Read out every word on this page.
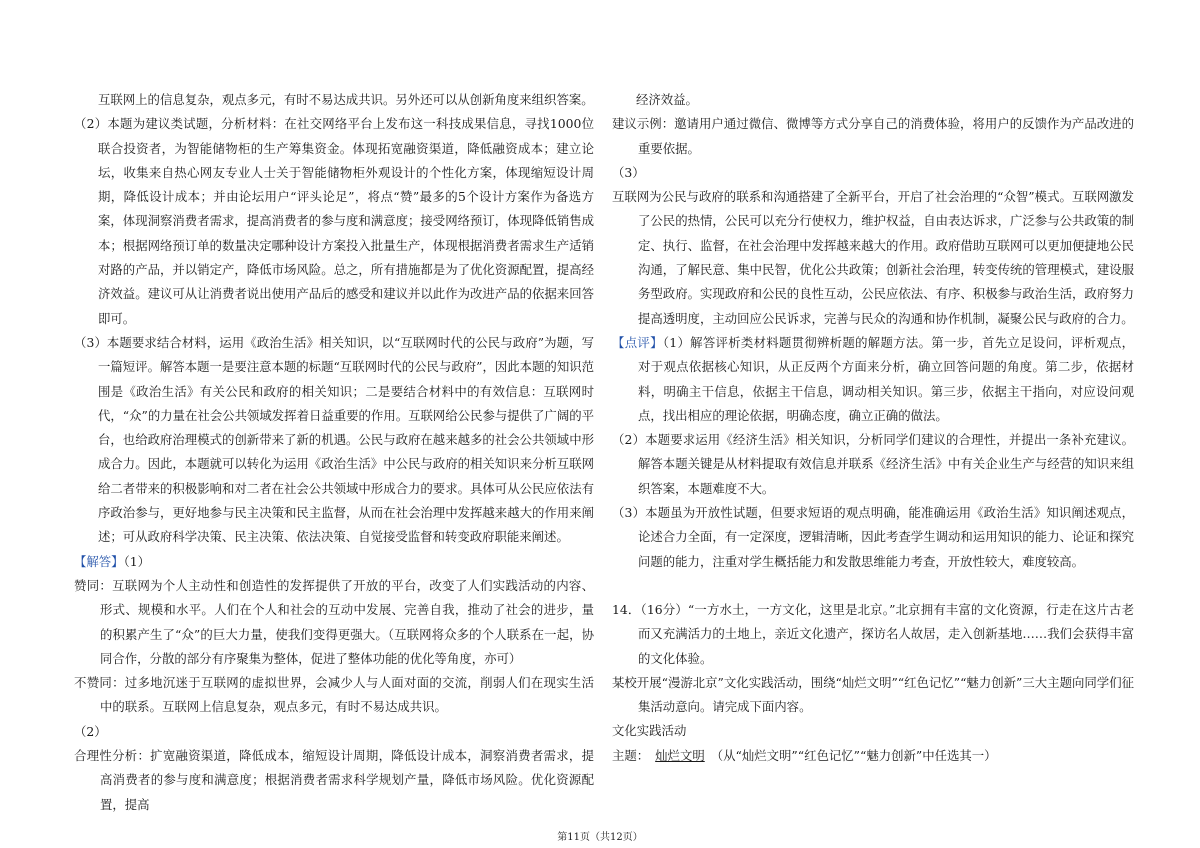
互联网上的信息复杂，观点多元，有时不易达成共识。另外还可以从创新角度来组织答案。

（2）本题为建议类试题，分析材料：在社交网络平台上发布这一科技成果信息，寻找1000位联合投资者，为智能储物柜的生产筹集资金。体现拓宽融资渠道，降低融资成本；建立论坛，收集来自热心网友专业人士关于智能储物柜外观设计的个性化方案，体现缩短设计周期，降低设计成本；并由论坛用户“评头论足”，将点“赞”最多的5个设计方案作为备选方案，体现洞察消费者需求，提高消费者的参与度和满意度；接受网络预订，体现降低销售成本；根据网络预订单的数量决定哪种设计方案投入批量生产，体现根据消费者需求生产适销对路的产品，并以销定产，降低市场风险。总之，所有措施都是为了优化资源配置，提高经济效益。建议可从让消费者说出使用产品后的感受和建议并以此作为改进产品的依据来回答即可。

（3）本题要求结合材料，运用《政治生活》相关知识，以“互联网时代的公民与政府”为题，写一篇短评。解答本题一是要注意本题的标题“互联网时代的公民与政府”，因此本题的知识范围是《政治生活》有关公民和政府的相关知识；二是要结合材料中的有效信息：互联网时代，“众”的力量在社会公共领域发挥着日益重要的作用。互联网给公民参与提供了广阔的平台，也给政府治理模式的创新带来了新的机遇。公民与政府在越来越多的社会公共领域中形成合力。因此，本题就可以转化为运用《政治生活》中公民与政府的相关知识来分析互联网给二者带来的积极影响和对二者在社会公共领域中形成合力的要求。具体可从公民应依法有序政治参与，更好地参与民主决策和民主监督，从而在社会治理中发挥越来越大的作用来阐述；可从政府科学决策、民主决策、依法决策、自觉接受监督和转变政府职能来阐述。

【解答】（1）

赞同：互联网为个人主动性和创造性的发挥提供了开放的平台，改变了人们实践活动的内容、形式、规模和水平。人们在个人和社会的互动中发展、完善自我，推动了社会的进步，量的积累产生了“众”的巨大力量，使我们变得更强大。（互联网将众多的个人联系在一起，协同合作，分散的部分有序聚集为整体，促进了整体功能的优化等角度，亦可）

不赞同：过多地沉迷于互联网的虚拟世界，会减少人与人面对面的交流，削弱人们在现实生活中的联系。互联网上信息复杂，观点多元，有时不易达成共识。

（2）

合理性分析：扩宽融资渠道，降低成本，缩短设计周期，降低设计成本，洞察消费者需求，提高消费者的参与度和满意度；根据消费者需求科学规划产量，降低市场风险。优化资源配置，提高

经济效益。

建议示例：邀请用户通过微信、微博等方式分享自己的消费体验，将用户的反馈作为产品改进的重要依据。

（3）

互联网为公民与政府的联系和沟通搭建了全新平台，开启了社会治理的“众智”模式。互联网激发了公民的热情，公民可以充分行使权力，维护权益，自由表达诉求，广泛参与公共政策的制定、执行、监督，在社会治理中发挥越来越大的作用。政府借助互联网可以更加便捷地公民沟通，了解民意、集中民智，优化公共政策；创新社会治理，转变传统的管理模式，建设服务型政府。实现政府和公民的良性互动，公民应依法、有序、积极参与政治生活，政府努力提高透明度，主动回应公民诉求，完善与民众的沟通和协作机制，凝聚公民与政府的合力。

【点评】（1）解答评析类材料题贯彻辨析题的解题方法。第一步，首先立足设问，评析观点，对于观点依据核心知识，从正反两个方面来分析，确立回答问题的角度。第二步，依据材料，明确主干信息，依据主干信息，调动相关知识。第三步，依据主干指向，对应设问观点，找出相应的理论依据，明确态度，确立正确的做法。

（2）本题要求运用《经济生活》相关知识，分析同学们建议的合理性，并提出一条补充建议。解答本题关键是从材料提取有效信息并联系《经济生活》中有关企业生产与经营的知识来组织答案，本题难度不大。

（3）本题虽为开放性试题，但要求短语的观点明确，能准确运用《政治生活》知识阐述观点，论述合力全面，有一定深度，逻辑清晰，因此考查学生调动和运用知识的能力、论证和探究问题的能力，注重对学生概括能力和发散思维能力考查，开放性较大，难度较高。

14．（16分）“一方水土，一方文化，这里是北京。”北京拥有丰富的文化资源，行走在这片古老而又充满活力的土地上，亲近文化遗产，探访名人故居，走入创新基地……我们会获得丰富的文化体验。

某校开展“漫游北京”文化实践活动，围绕“灿烂文明”“红色记忆”“魅力创新”三大主题向同学们征集活动意向。请完成下面内容。

文化实践活动

主题： 灿烂文明 （从“灿烂文明”“红色记忆”“魅力创新”中任选其一）

第11页（共12页）
